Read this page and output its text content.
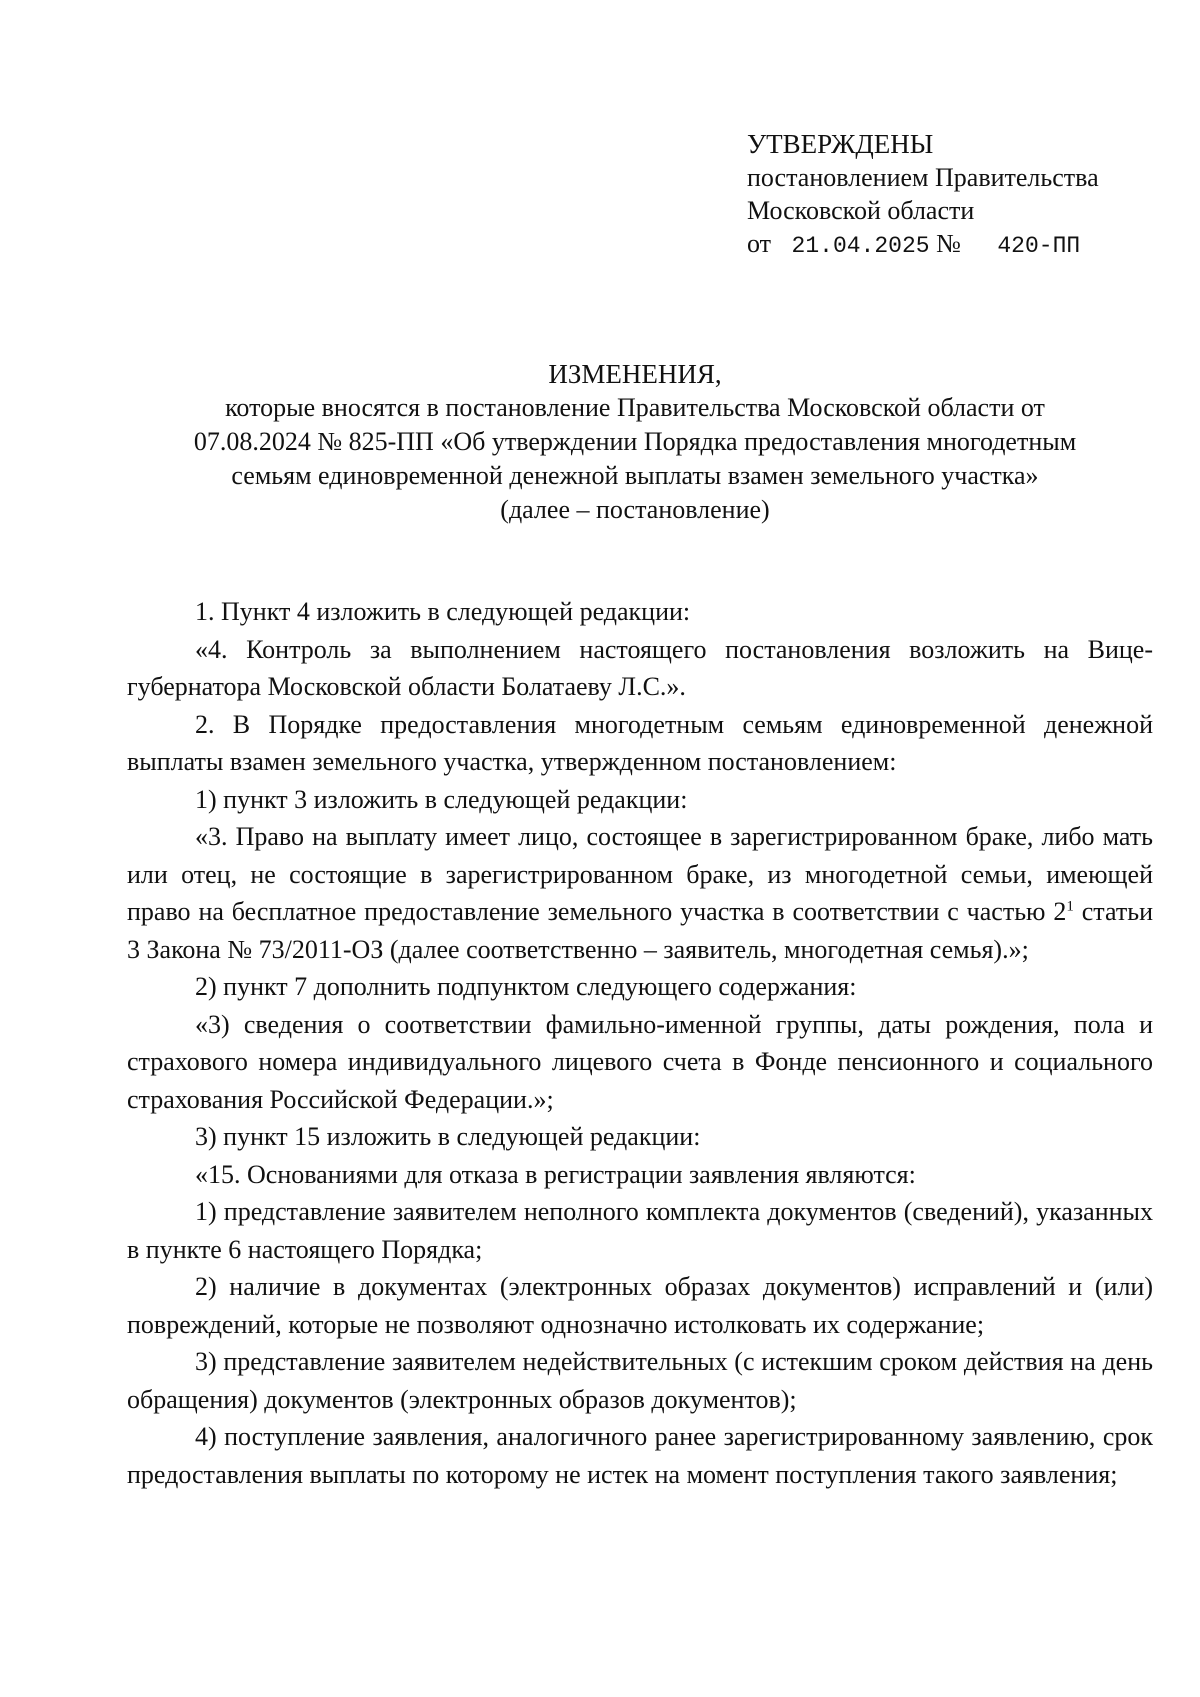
УТВЕРЖДЕНЫ
постановлением Правительства
Московской области
от 21.04.2025 № 420-ПП
ИЗМЕНЕНИЯ,
которые вносятся в постановление Правительства Московской области от
07.08.2024 № 825-ПП «Об утверждении Порядка предоставления многодетным
семьям единовременной денежной выплаты взамен земельного участка»
(далее – постановление)

1. Пункт 4 изложить в следующей редакции:

«4. Контроль за выполнением настоящего постановления возложить на Вице-губернатора Московской области Болатаеву Л.С.».

2. В Порядке предоставления многодетным семьям единовременной денежной выплаты взамен земельного участка, утвержденном постановлением:

1) пункт 3 изложить в следующей редакции:

«3. Право на выплату имеет лицо, состоящее в зарегистрированном браке, либо мать или отец, не состоящие в зарегистрированном браке, из многодетной семьи, имеющей право на бесплатное предоставление земельного участка в соответствии с частью $2^1$ статьи 3 Закона № 73/2011-ОЗ (далее соответственно – заявитель, многодетная семья).»;

2) пункт 7 дополнить подпунктом следующего содержания:

«3) сведения о соответствии фамильно-именной группы, даты рождения, пола и страхового номера индивидуального лицевого счета в Фонде пенсионного и социального страхования Российской Федерации.»;

3) пункт 15 изложить в следующей редакции:

«15. Основаниями для отказа в регистрации заявления являются:

1) представление заявителем неполного комплекта документов (сведений), указанных в пункте 6 настоящего Порядка;

2) наличие в документах (электронных образах документов) исправлений и (или) повреждений, которые не позволяют однозначно истолковать их содержание;

3) представление заявителем недействительных (с истекшим сроком действия на день обращения) документов (электронных образов документов);

4) поступление заявления, аналогичного ранее зарегистрированному заявлению, срок предоставления выплаты по которому не истек на момент поступления такого заявления;
